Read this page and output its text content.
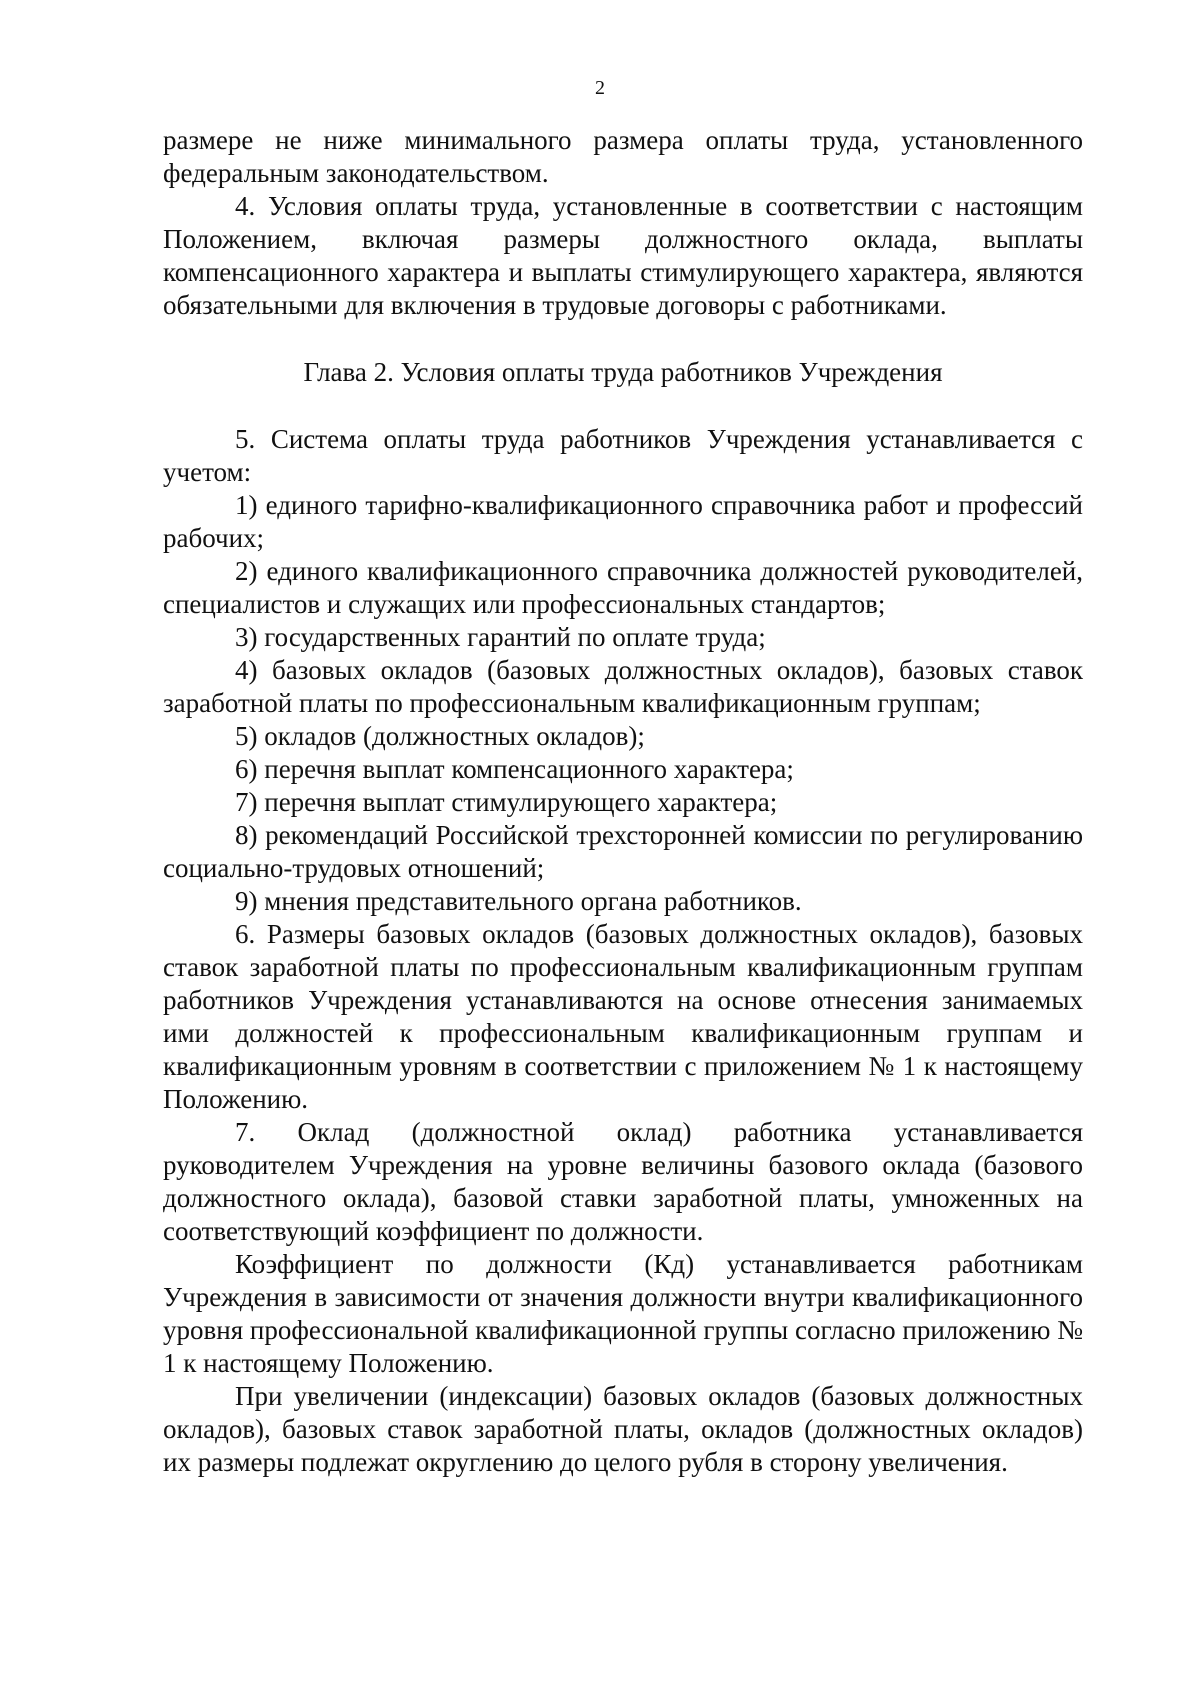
2

размере не ниже минимального размера оплаты труда, установленного федеральным законодательством.

4. Условия оплаты труда, установленные в соответствии с настоящим Положением, включая размеры должностного оклада, выплаты компенсационного характера и выплаты стимулирующего характера, являются обязательными для включения в трудовые договоры с работниками.

Глава 2. Условия оплаты труда работников Учреждения

5. Система оплаты труда работников Учреждения устанавливается с учетом:

1) единого тарифно-квалификационного справочника работ и профессий рабочих;

2) единого квалификационного справочника должностей руководителей, специалистов и служащих или профессиональных стандартов;

3) государственных гарантий по оплате труда;

4) базовых окладов (базовых должностных окладов), базовых ставок заработной платы по профессиональным квалификационным группам;

5) окладов (должностных окладов);

6) перечня выплат компенсационного характера;

7) перечня выплат стимулирующего характера;

8) рекомендаций Российской трехсторонней комиссии по регулированию социально-трудовых отношений;

9) мнения представительного органа работников.

6. Размеры базовых окладов (базовых должностных окладов), базовых ставок заработной платы по профессиональным квалификационным группам работников Учреждения устанавливаются на основе отнесения занимаемых ими должностей к профессиональным квалификационным группам и квалификационным уровням в соответствии с приложением № 1 к настоящему Положению.

7. Оклад (должностной оклад) работника устанавливается руководителем Учреждения на уровне величины базового оклада (базового должностного оклада), базовой ставки заработной платы, умноженных на соответствующий коэффициент по должности.

Коэффициент по должности (Кд) устанавливается работникам Учреждения в зависимости от значения должности внутри квалификационного уровня профессиональной квалификационной группы согласно приложению № 1 к настоящему Положению.

При увеличении (индексации) базовых окладов (базовых должностных окладов), базовых ставок заработной платы, окладов (должностных окладов) их размеры подлежат округлению до целого рубля в сторону увеличения.
